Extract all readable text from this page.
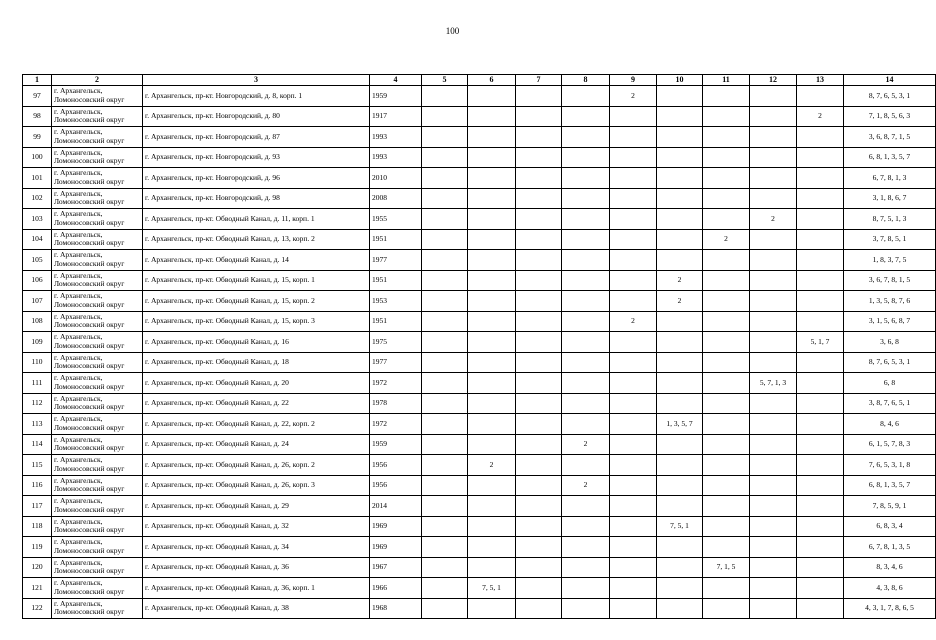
100
1	2	3	4	5	6	7	8	9	10	11	12	13	14
97	г. Архангельск,
Ломоносовский округ	г. Архангельск, пр-кт. Новгородский, д. 8, корп. 1	1959					2					8, 7, 6, 5, 3, 1
98	г. Архангельск,
Ломоносовский округ	г. Архангельск, пр-кт. Новгородский, д. 80	1917									2	7, 1, 8, 5, 6, 3
99	г. Архангельск,
Ломоносовский округ	г. Архангельск, пр-кт. Новгородский, д. 87	1993										3, 6, 8, 7, 1, 5
100	г. Архангельск,
Ломоносовский округ	г. Архангельск, пр-кт. Новгородский, д. 93	1993										6, 8, 1, 3, 5, 7
101	г. Архангельск,
Ломоносовский округ	г. Архангельск, пр-кт. Новгородский, д. 96	2010										6, 7, 8, 1, 3
102	г. Архангельск,
Ломоносовский округ	г. Архангельск, пр-кт. Новгородский, д. 98	2008										3, 1, 8, 6, 7
103	г. Архангельск,
Ломоносовский округ	г. Архангельск, пр-кт. Обводный Канал, д. 11, корп. 1	1955								2		8, 7, 5, 1, 3
104	г. Архангельск,
Ломоносовский округ	г. Архангельск, пр-кт. Обводный Канал, д. 13, корп. 2	1951							2			3, 7, 8, 5, 1
105	г. Архангельск,
Ломоносовский округ	г. Архангельск, пр-кт. Обводный Канал, д. 14	1977										1, 8, 3, 7, 5
106	г. Архангельск,
Ломоносовский округ	г. Архангельск, пр-кт. Обводный Канал, д. 15, корп. 1	1951						2				3, 6, 7, 8, 1, 5
107	г. Архангельск,
Ломоносовский округ	г. Архангельск, пр-кт. Обводный Канал, д. 15, корп. 2	1953						2				1, 3, 5, 8, 7, 6
108	г. Архангельск,
Ломоносовский округ	г. Архангельск, пр-кт. Обводный Канал, д. 15, корп. 3	1951					2					3, 1, 5, 6, 8, 7
109	г. Архангельск,
Ломоносовский округ	г. Архангельск, пр-кт. Обводный Канал, д. 16	1975									5, 1, 7	3, 6, 8
110	г. Архангельск,
Ломоносовский округ	г. Архангельск, пр-кт. Обводный Канал, д. 18	1977										8, 7, 6, 5, 3, 1
111	г. Архангельск,
Ломоносовский округ	г. Архангельск, пр-кт. Обводный Канал, д. 20	1972								5, 7, 1, 3		6, 8
112	г. Архангельск,
Ломоносовский округ	г. Архангельск, пр-кт. Обводный Канал, д. 22	1978										3, 8, 7, 6, 5, 1
113	г. Архангельск,
Ломоносовский округ	г. Архангельск, пр-кт. Обводный Канал, д. 22, корп. 2	1972						1, 3, 5, 7				8, 4, 6
114	г. Архангельск,
Ломоносовский округ	г. Архангельск, пр-кт. Обводный Канал, д. 24	1959				2						6, 1, 5, 7, 8, 3
115	г. Архангельск,
Ломоносовский округ	г. Архангельск, пр-кт. Обводный Канал, д. 26, корп. 2	1956		2								7, 6, 5, 3, 1, 8
116	г. Архангельск,
Ломоносовский округ	г. Архангельск, пр-кт. Обводный Канал, д. 26, корп. 3	1956				2						6, 8, 1, 3, 5, 7
117	г. Архангельск,
Ломоносовский округ	г. Архангельск, пр-кт. Обводный Канал, д. 29	2014										7, 8, 5, 9, 1
118	г. Архангельск,
Ломоносовский округ	г. Архангельск, пр-кт. Обводный Канал, д. 32	1969						7, 5, 1				6, 8, 3, 4
119	г. Архангельск,
Ломоносовский округ	г. Архангельск, пр-кт. Обводный Канал, д. 34	1969										6, 7, 8, 1, 3, 5
120	г. Архангельск,
Ломоносовский округ	г. Архангельск, пр-кт. Обводный Канал, д. 36	1967							7, 1, 5			8, 3, 4, 6
121	г. Архангельск,
Ломоносовский округ	г. Архангельск, пр-кт. Обводный Канал, д. 36, корп. 1	1966		7, 5, 1								4, 3, 8, 6
122	г. Архангельск,
Ломоносовский округ	г. Архангельск, пр-кт. Обводный Канал, д. 38	1968										4, 3, 1, 7, 8, 6, 5
